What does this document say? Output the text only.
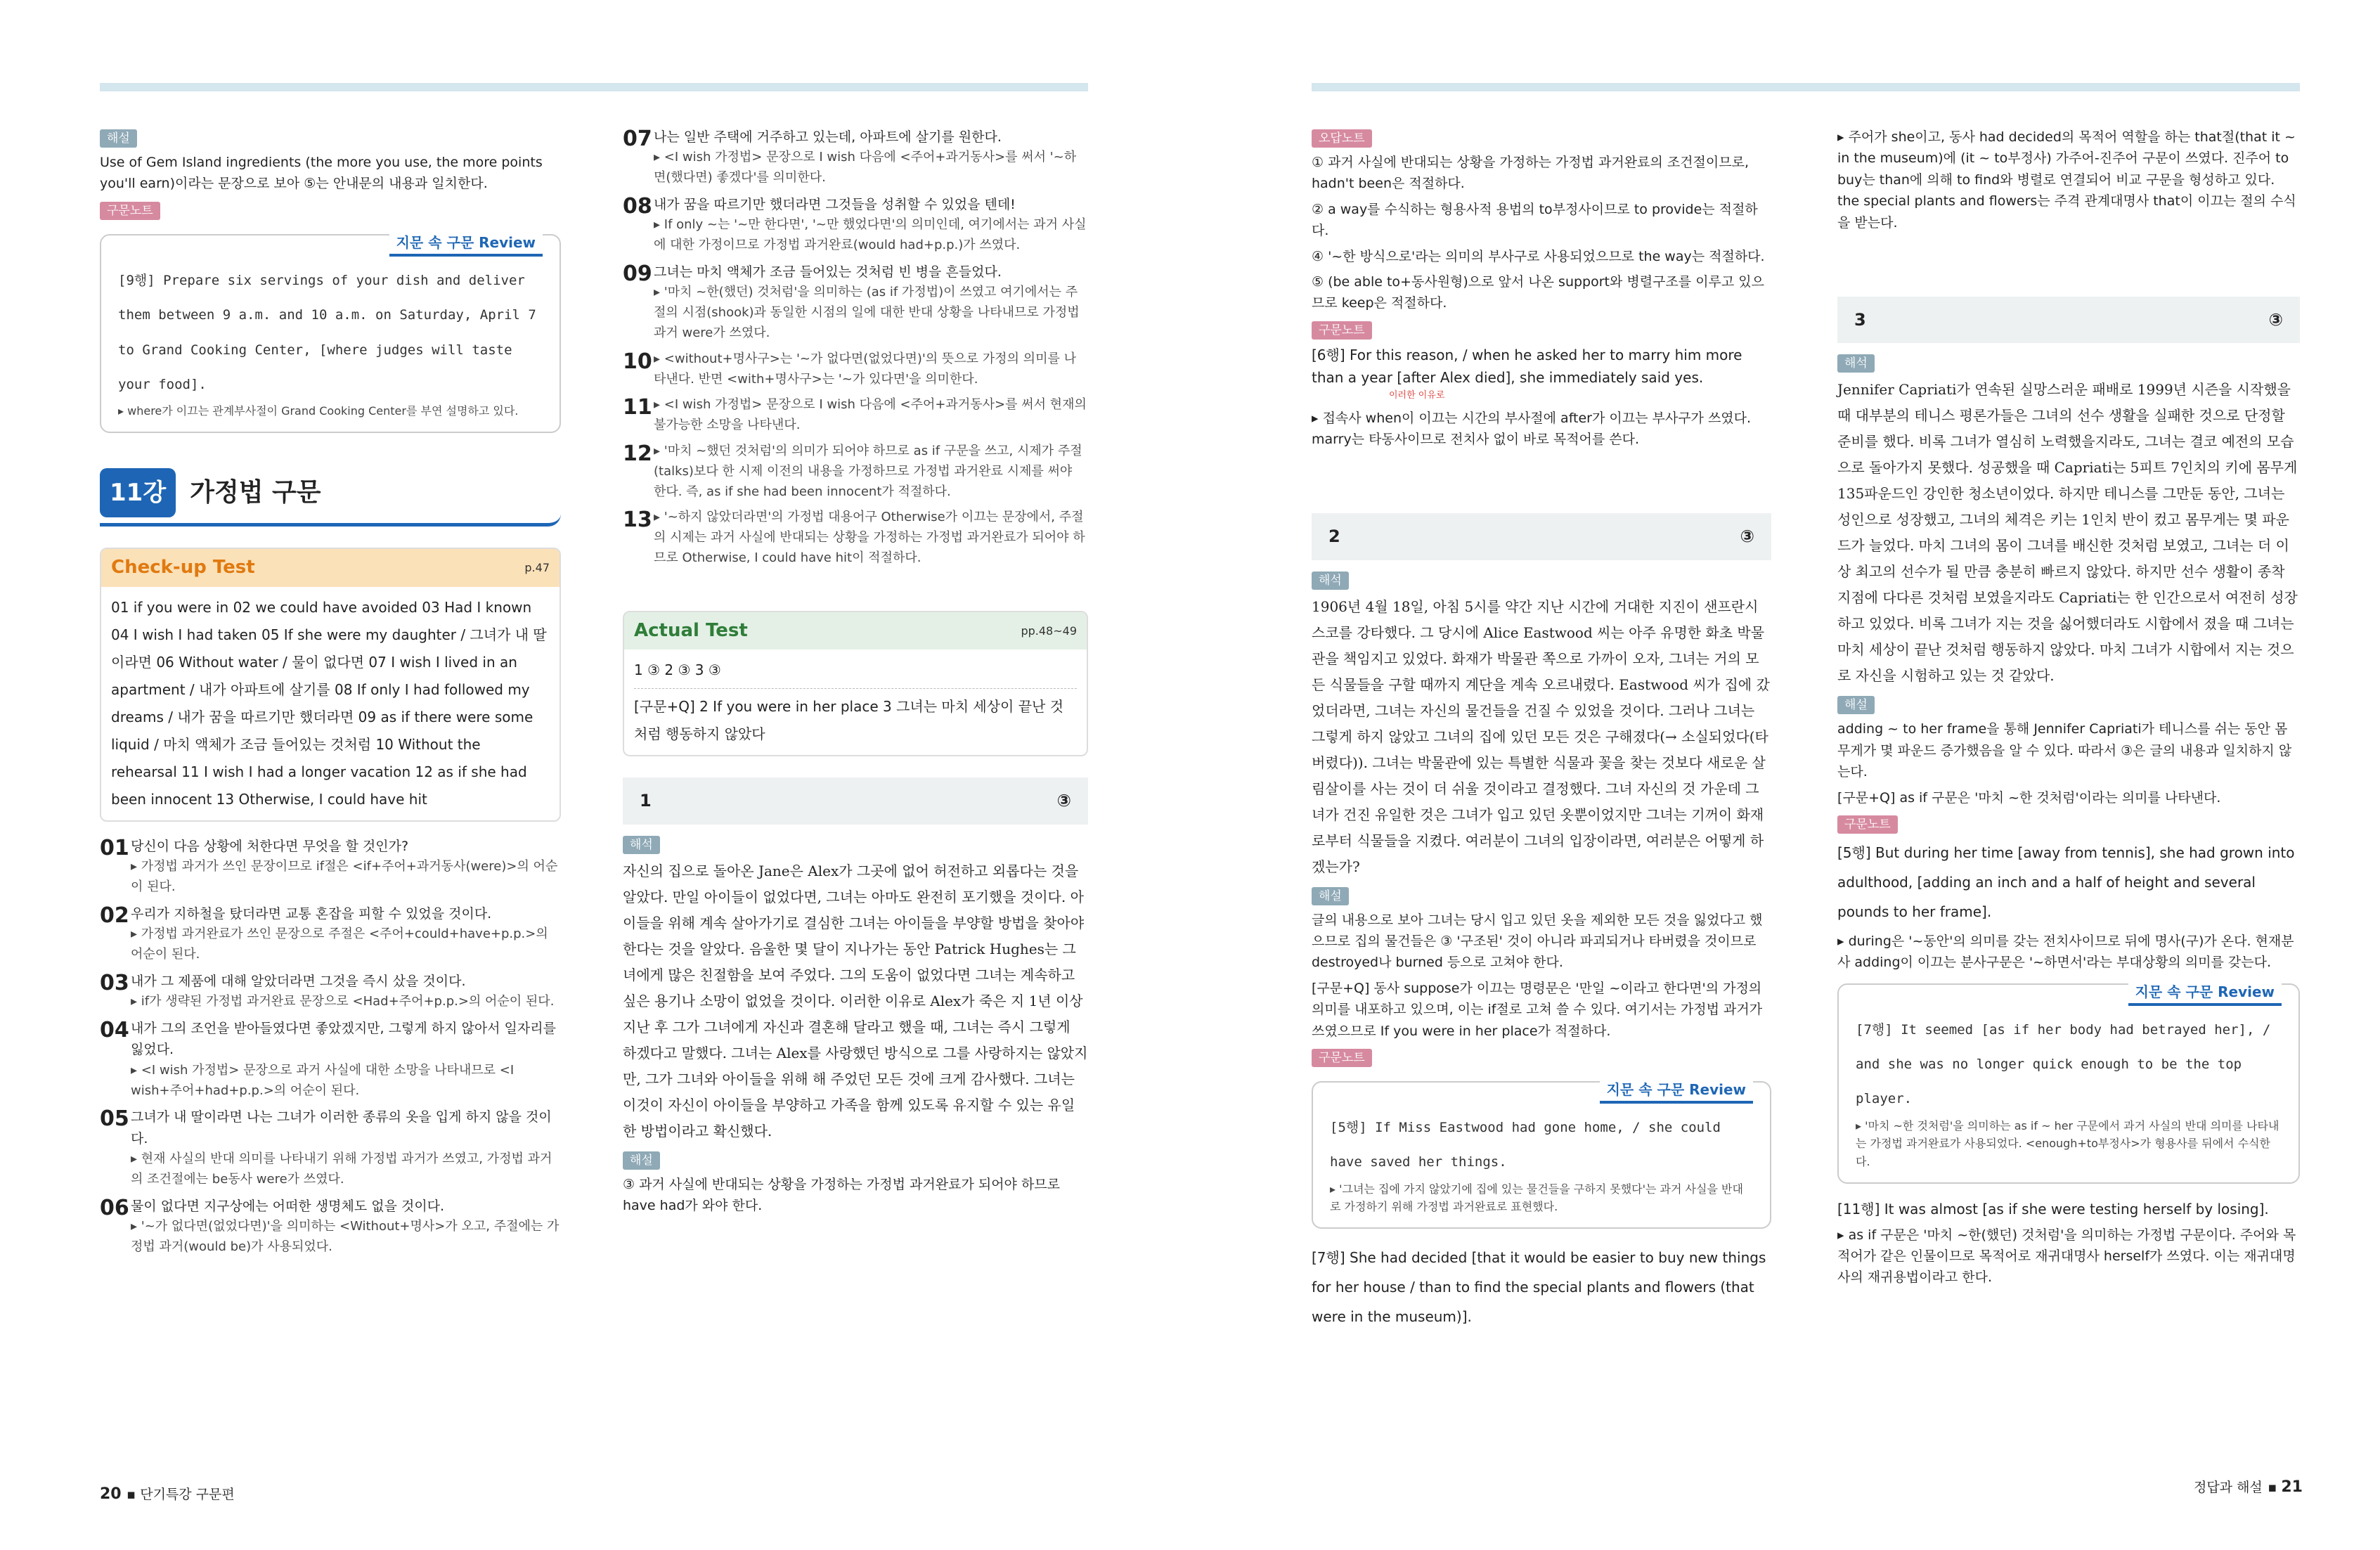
해설

Use of Gem Island ingredients (the more you use, the more points you'll earn)이라는 문장으로 보아 ⑤는 안내문의 내용과 일치한다.

구문노트
지문 속 구문 Review
[9행] Prepare six servings of your dish and deliver them between 9 a.m. and 10 a.m. on Saturday, April 7 to Grand Cooking Center, [where judges will taste your food].
▸ where가 이끄는 관계부사절이 Grand Cooking Center를 부연 설명하고 있다.
11강 가정법 구문
Check-up Test	p.47
01 if you were in 02 we could have avoided 03 Had I known 04 I wish I had taken 05 If she were my daughter / 그녀가 내 딸이라면 06 Without water / 물이 없다면 07 I wish I lived in an apartment / 내가 아파트에 살기를 08 If only I had followed my dreams / 내가 꿈을 따르기만 했더라면 09 as if there were some liquid / 마치 액체가 조금 들어있는 것처럼 10 Without the rehearsal 11 I wish I had a longer vacation 12 as if she had been innocent 13 Otherwise, I could have hit
01 당신이 다음 상황에 처한다면 무엇을 할 것인가?
▸ 가정법 과거가 쓰인 문장이므로 if절은 <if+주어+과거동사(were)>의 어순이 된다.
02 우리가 지하철을 탔더라면 교통 혼잡을 피할 수 있었을 것이다.
▸ 가정법 과거완료가 쓰인 문장으로 주절은 <주어+could+have+p.p.>의 어순이 된다.
03 내가 그 제품에 대해 알았더라면 그것을 즉시 샀을 것이다.
▸ if가 생략된 가정법 과거완료 문장으로 <Had+주어+p.p.>의 어순이 된다.
04 내가 그의 조언을 받아들였다면 좋았겠지만, 그렇게 하지 않아서 일자리를 잃었다.
▸ <I wish 가정법> 문장으로 과거 사실에 대한 소망을 나타내므로 <I wish+주어+had+p.p.>의 어순이 된다.
05 그녀가 내 딸이라면 나는 그녀가 이러한 종류의 옷을 입게 하지 않을 것이다.
▸ 현재 사실의 반대 의미를 나타내기 위해 가정법 과거가 쓰였고, 가정법 과거의 조건절에는 be동사 were가 쓰였다.
06 물이 없다면 지구상에는 어떠한 생명체도 없을 것이다.
▸ '~가 없다면(없었다면)'을 의미하는 <Without+명사>가 오고, 주절에는 가정법 과거(would be)가 사용되었다.
07 나는 일반 주택에 거주하고 있는데, 아파트에 살기를 원한다.
▸ <I wish 가정법> 문장으로 I wish 다음에 <주어+과거동사>를 써서 '~하면(했다면) 좋겠다'를 의미한다.
08 내가 꿈을 따르기만 했더라면 그것들을 성취할 수 있었을 텐데!
▸ If only ~는 '~만 한다면', '~만 했었다면'의 의미인데, 여기에서는 과거 사실에 대한 가정이므로 가정법 과거완료(would had+p.p.)가 쓰였다.
09 그녀는 마치 액체가 조금 들어있는 것처럼 빈 병을 흔들었다.
▸ '마치 ~한(했던) 것처럼'을 의미하는 (as if 가정법)이 쓰였고 여기에서는 주절의 시점(shook)과 동일한 시점의 일에 대한 반대 상황을 나타내므로 가정법 과거 were가 쓰였다.
10 ▸ <without+명사구>는 '~가 없다면(없었다면)'의 뜻으로 가정의 의미를 나타낸다. 반면 <with+명사구>는 '~가 있다면'을 의미한다.
11 ▸ <I wish 가정법> 문장으로 I wish 다음에 <주어+과거동사>를 써서 현재의 불가능한 소망을 나타낸다.
12 ▸ '마치 ~했던 것처럼'의 의미가 되어야 하므로 as if 구문을 쓰고, 시제가 주절(talks)보다 한 시제 이전의 내용을 가정하므로 가정법 과거완료 시제를 써야 한다. 즉, as if she had been innocent가 적절하다.
13 ▸ '~하지 않았더라면'의 가정법 대용어구 Otherwise가 이끄는 문장에서, 주절의 시제는 과거 사실에 반대되는 상황을 가정하는 가정법 과거완료가 되어야 하므로 Otherwise, I could have hit이 적절하다.
Actual Test	pp.48~49
1 ③ 2 ③ 3 ③
[구문+Q] 2 If you were in her place 3 그녀는 마치 세상이 끝난 것처럼 행동하지 않았다
1	③
해석

자신의 집으로 돌아온 Jane은 Alex가 그곳에 없어 허전하고 외롭다는 것을 알았다. 만일 아이들이 없었다면, 그녀는 아마도 완전히 포기했을 것이다. 아이들을 위해 계속 살아가기로 결심한 그녀는 아이들을 부양할 방법을 찾아야 한다는 것을 알았다. 음울한 몇 달이 지나가는 동안 Patrick Hughes는 그녀에게 많은 친절함을 보여 주었다. 그의 도움이 없었다면 그녀는 계속하고 싶은 용기나 소망이 없었을 것이다. 이러한 이유로 Alex가 죽은 지 1년 이상 지난 후 그가 그녀에게 자신과 결혼해 달라고 했을 때, 그녀는 즉시 그렇게 하겠다고 말했다. 그녀는 Alex를 사랑했던 방식으로 그를 사랑하지는 않았지만, 그가 그녀와 아이들을 위해 해 주었던 모든 것에 크게 감사했다. 그녀는 이것이 자신이 아이들을 부양하고 가족을 함께 있도록 유지할 수 있는 유일한 방법이라고 확신했다.

해설

③ 과거 사실에 반대되는 상황을 가정하는 가정법 과거완료가 되어야 하므로 have had가 와야 한다.

오답노트

① 과거 사실에 반대되는 상황을 가정하는 가정법 과거완료의 조건절이므로, hadn't been은 적절하다.

② a way를 수식하는 형용사적 용법의 to부정사이므로 to provide는 적절하다.

④ '~한 방식으로'라는 의미의 부사구로 사용되었으므로 the way는 적절하다.

⑤ (be able to+동사원형)으로 앞서 나온 support와 병렬구조를 이루고 있으므로 keep은 적절하다.

구문노트

[6행] For this reason, / when he asked her to marry him more than a year [after Alex died], she immediately said yes.

이러한 이유로

▸ 접속사 when이 이끄는 시간의 부사절에 after가 이끄는 부사구가 쓰였다. marry는 타동사이므로 전치사 없이 바로 목적어를 쓴다.

2	③
해석

1906년 4월 18일, 아침 5시를 약간 지난 시간에 거대한 지진이 샌프란시스코를 강타했다. 그 당시에 Alice Eastwood 씨는 아주 유명한 화초 박물관을 책임지고 있었다. 화재가 박물관 쪽으로 가까이 오자, 그녀는 거의 모든 식물들을 구할 때까지 계단을 계속 오르내렸다. Eastwood 씨가 집에 갔었더라면, 그녀는 자신의 물건들을 건질 수 있었을 것이다. 그러나 그녀는 그렇게 하지 않았고 그녀의 집에 있던 모든 것은 구해졌다(→ 소실되었다(타버렸다)). 그녀는 박물관에 있는 특별한 식물과 꽃을 찾는 것보다 새로운 살림살이를 사는 것이 더 쉬울 것이라고 결정했다. 그녀 자신의 것 가운데 그녀가 건진 유일한 것은 그녀가 입고 있던 옷뿐이었지만 그녀는 기꺼이 화재로부터 식물들을 지켰다. 여러분이 그녀의 입장이라면, 여러분은 어떻게 하겠는가?

해설

글의 내용으로 보아 그녀는 당시 입고 있던 옷을 제외한 모든 것을 잃었다고 했으므로 집의 물건들은 ③ '구조된' 것이 아니라 파괴되거나 타버렸을 것이므로 destroyed나 burned 등으로 고쳐야 한다.

[구문+Q] 동사 suppose가 이끄는 명령문은 '만일 ~이라고 한다면'의 가정의 의미를 내포하고 있으며, 이는 if절로 고쳐 쓸 수 있다. 여기서는 가정법 과거가 쓰였으므로 If you were in her place가 적절하다.

구문노트
지문 속 구문 Review
[5행] If Miss Eastwood had gone home, / she could have saved her things.
▸ '그녀는 집에 가지 않았기에 집에 있는 물건들을 구하지 못했다'는 과거 사실을 반대로 가정하기 위해 가정법 과거완료로 표현했다.

[7행] She had decided [that it would be easier to buy new things for her house / than to find the special plants and flowers (that were in the museum)].

▸ 주어가 she이고, 동사 had decided의 목적어 역할을 하는 that절(that it ~ in the museum)에 (it ~ to부정사) 가주어-진주어 구문이 쓰였다. 진주어 to buy는 than에 의해 to find와 병렬로 연결되어 비교 구문을 형성하고 있다. the special plants and flowers는 주격 관계대명사 that이 이끄는 절의 수식을 받는다.

3	③
해석

Jennifer Capriati가 연속된 실망스러운 패배로 1999년 시즌을 시작했을 때 대부분의 테니스 평론가들은 그녀의 선수 생활을 실패한 것으로 단정할 준비를 했다. 비록 그녀가 열심히 노력했을지라도, 그녀는 결코 예전의 모습으로 돌아가지 못했다. 성공했을 때 Capriati는 5피트 7인치의 키에 몸무게 135파운드인 강인한 청소년이었다. 하지만 테니스를 그만둔 동안, 그녀는 성인으로 성장했고, 그녀의 체격은 키는 1인치 반이 컸고 몸무게는 몇 파운드가 늘었다. 마치 그녀의 몸이 그녀를 배신한 것처럼 보였고, 그녀는 더 이상 최고의 선수가 될 만큼 충분히 빠르지 않았다. 하지만 선수 생활이 종착 지점에 다다른 것처럼 보였을지라도 Capriati는 한 인간으로서 여전히 성장하고 있었다. 비록 그녀가 지는 것을 싫어했더라도 시합에서 졌을 때 그녀는 마치 세상이 끝난 것처럼 행동하지 않았다. 마치 그녀가 시합에서 지는 것으로 자신을 시험하고 있는 것 같았다.

해설

adding ~ to her frame을 통해 Jennifer Capriati가 테니스를 쉬는 동안 몸무게가 몇 파운드 증가했음을 알 수 있다. 따라서 ③은 글의 내용과 일치하지 않는다.

[구문+Q] as if 구문은 '마치 ~한 것처럼'이라는 의미를 나타낸다.

구문노트

[5행] But during her time [away from tennis], she had grown into adulthood, [adding an inch and a half of height and several pounds to her frame].

▸ during은 '~동안'의 의미를 갖는 전치사이므로 뒤에 명사(구)가 온다. 현재분사 adding이 이끄는 분사구문은 '~하면서'라는 부대상황의 의미를 갖는다.

지문 속 구문 Review
[7행] It seemed [as if her body had betrayed her], / and she was no longer quick enough to be the top player.
▸ '마치 ~한 것처럼'을 의미하는 as if ~ her 구문에서 과거 사실의 반대 의미를 나타내는 가정법 과거완료가 사용되었다. <enough+to부정사>가 형용사를 뒤에서 수식한다.

[11행] It was almost [as if she were testing herself by losing].

▸ as if 구문은 '마치 ~한(했던) 것처럼'을 의미하는 가정법 구문이다. 주어와 목적어가 같은 인물이므로 목적어로 재귀대명사 herself가 쓰였다. 이는 재귀대명사의 재귀용법이라고 한다.

20 ▪ 단기특강 구문편	정답과 해설 ▪ 21
